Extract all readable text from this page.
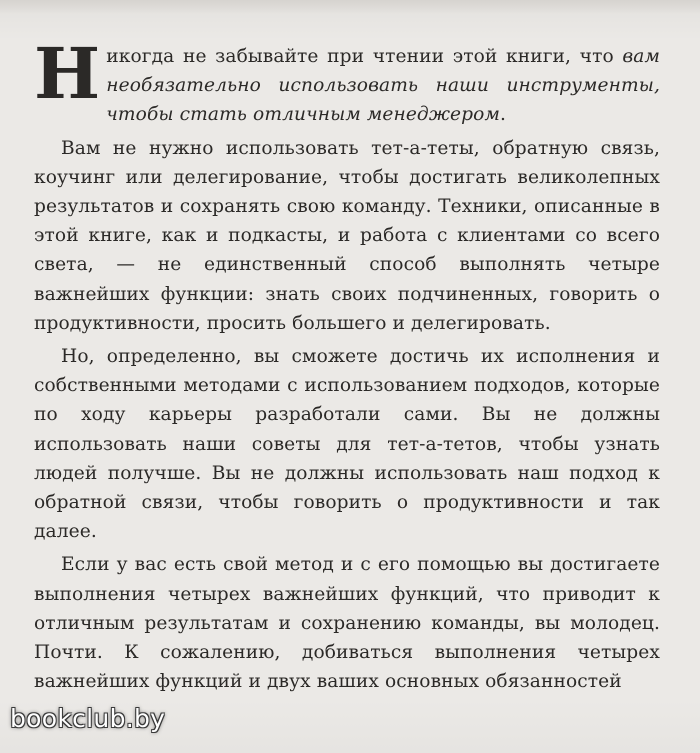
Никогда не забывайте при чтении этой книги, что вам необязательно использовать наши инструменты, чтобы стать отличным менеджером.

Вам не нужно использовать тет-а-теты, обратную связь, коучинг или делегирование, чтобы достигать великолепных результатов и сохранять свою команду. Техники, описанные в этой книге, как и подкасты, и работа с клиентами со всего света, — не единственный способ выполнять четыре важнейших функции: знать своих подчиненных, говорить о продуктивности, просить большего и делегировать.

Но, определенно, вы сможете достичь их исполнения и собственными методами с использованием подходов, которые по ходу карьеры разработали сами. Вы не должны использовать наши советы для тет-а-тетов, чтобы узнать людей получше. Вы не должны использовать наш подход к обратной связи, чтобы говорить о продуктивности и так далее.

Если у вас есть свой метод и с его помощью вы достигаете выполнения четырех важнейших функций, что приводит к отличным результатам и сохранению команды, вы молодец. Почти. К сожалению, добиваться выполнения четырех важнейших функций и двух ваших основных обязанностей

bookclub.by
